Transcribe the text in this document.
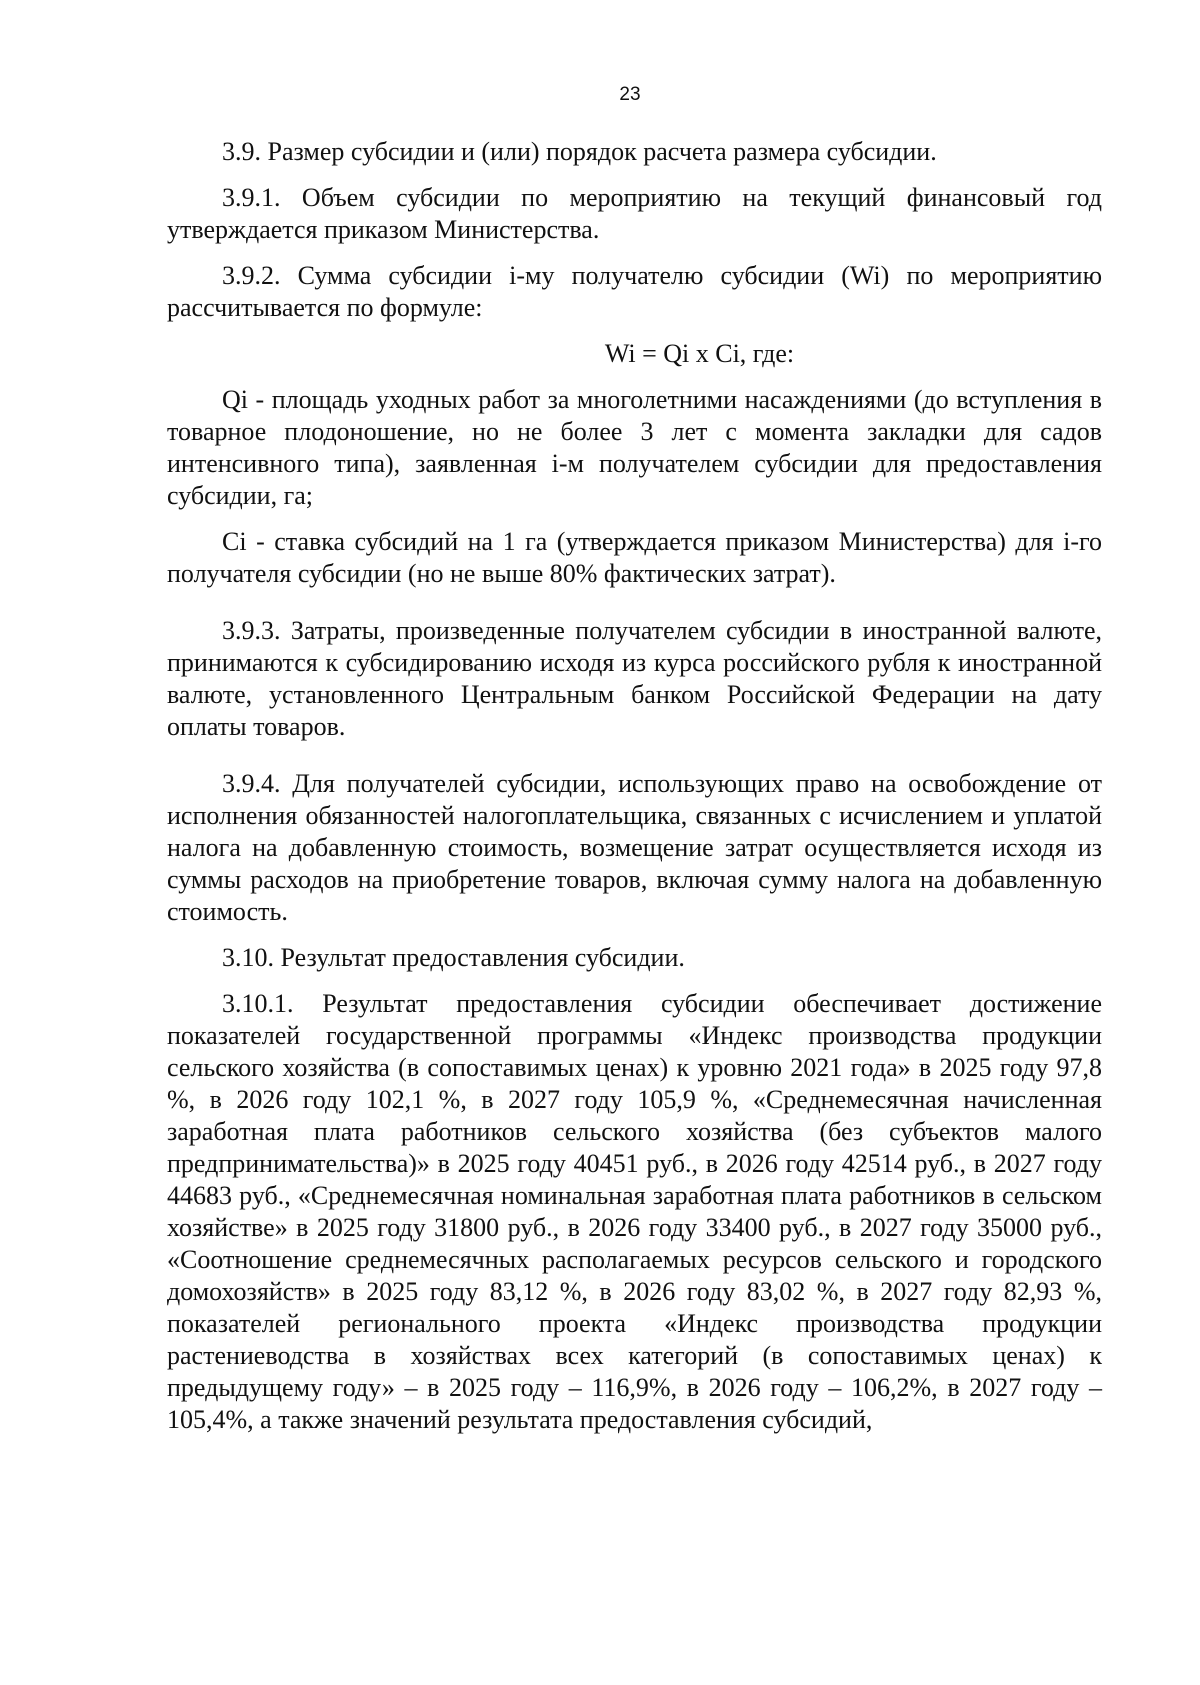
23

3.9. Размер субсидии и (или) порядок расчета размера субсидии.

3.9.1. Объем субсидии по мероприятию на текущий финансовый год утверждается приказом Министерства.

3.9.2. Сумма субсидии i-му получателю субсидии (Wi) по мероприятию рассчитывается по формуле:

Wi = Qi x Ci, где:

Qi - площадь уходных работ за многолетними насаждениями (до вступления в товарное плодоношение, но не более 3 лет с момента закладки для садов интенсивного типа), заявленная i-м получателем субсидии для предоставления субсидии, га;

Ci - ставка субсидий на 1 га (утверждается приказом Министерства) для i-го получателя субсидии (но не выше 80% фактических затрат).

3.9.3. Затраты, произведенные получателем субсидии в иностранной валюте, принимаются к субсидированию исходя из курса российского рубля к иностранной валюте, установленного Центральным банком Российской Федерации на дату оплаты товаров.

3.9.4. Для получателей субсидии, использующих право на освобождение от исполнения обязанностей налогоплательщика, связанных с исчислением и уплатой налога на добавленную стоимость, возмещение затрат осуществляется исходя из суммы расходов на приобретение товаров, включая сумму налога на добавленную стоимость.

3.10. Результат предоставления субсидии.

3.10.1. Результат предоставления субсидии обеспечивает достижение показателей государственной программы «Индекс производства продукции сельского хозяйства (в сопоставимых ценах) к уровню 2021 года» в 2025 году 97,8 %, в 2026 году 102,1 %, в 2027 году 105,9 %, «Среднемесячная начисленная заработная плата работников сельского хозяйства (без субъектов малого предпринимательства)» в 2025 году 40451 руб., в 2026 году 42514 руб., в 2027 году 44683 руб., «Среднемесячная номинальная заработная плата работников в сельском хозяйстве» в 2025 году 31800 руб., в 2026 году 33400 руб., в 2027 году 35000 руб., «Соотношение среднемесячных располагаемых ресурсов сельского и городского домохозяйств» в 2025 году 83,12 %, в 2026 году 83,02 %, в 2027 году 82,93 %, показателей регионального проекта «Индекс производства продукции растениеводства в хозяйствах всех категорий (в сопоставимых ценах) к предыдущему году» – в 2025 году – 116,9%, в 2026 году – 106,2%, в 2027 году – 105,4%, а также значений результата предоставления субсидий,
